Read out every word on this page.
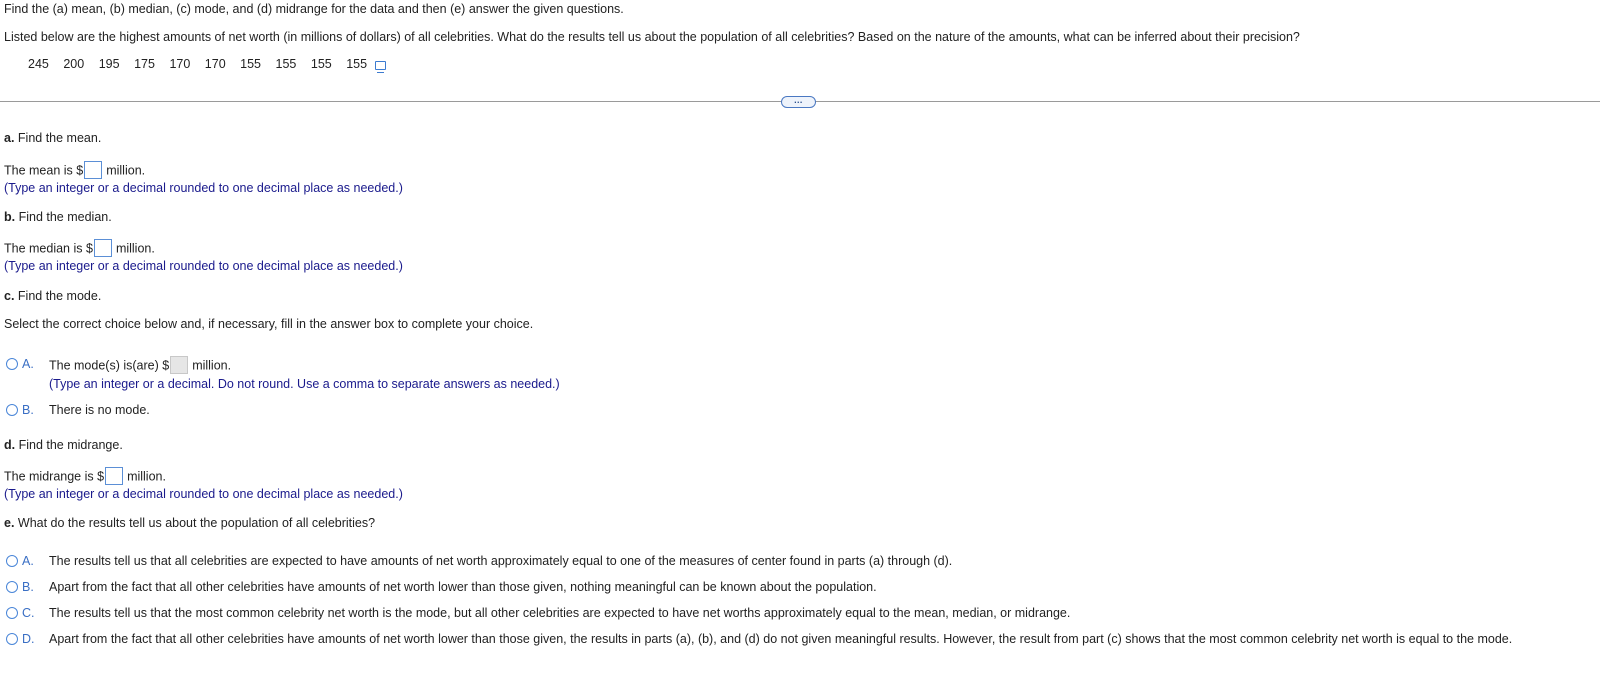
Find the (a) mean, (b) median, (c) mode, and (d) midrange for the data and then (e) answer the given questions.
Listed below are the highest amounts of net worth (in millions of dollars) of all celebrities. What do the results tell us about the population of all celebrities? Based on the nature of the amounts, what can be inferred about their precision?
245 200 195 175 170 170 155 155 155 155
…
a. Find the mean.
The mean is $ million.
(Type an integer or a decimal rounded to one decimal place as needed.)
b. Find the median.
The median is $ million.
(Type an integer or a decimal rounded to one decimal place as needed.)
c. Find the mode.
Select the correct choice below and, if necessary, fill in the answer box to complete your choice.
A. The mode(s) is(are) $ million.
(Type an integer or a decimal. Do not round. Use a comma to separate answers as needed.)
B. There is no mode.
d. Find the midrange.
The midrange is $ million.
(Type an integer or a decimal rounded to one decimal place as needed.)
e. What do the results tell us about the population of all celebrities?
A. The results tell us that all celebrities are expected to have amounts of net worth approximately equal to one of the measures of center found in parts (a) through (d).
B. Apart from the fact that all other celebrities have amounts of net worth lower than those given, nothing meaningful can be known about the population.
C. The results tell us that the most common celebrity net worth is the mode, but all other celebrities are expected to have net worths approximately equal to the mean, median, or midrange.
D. Apart from the fact that all other celebrities have amounts of net worth lower than those given, the results in parts (a), (b), and (d) do not given meaningful results. However, the result from part (c) shows that the most common celebrity net worth is equal to the mode.
